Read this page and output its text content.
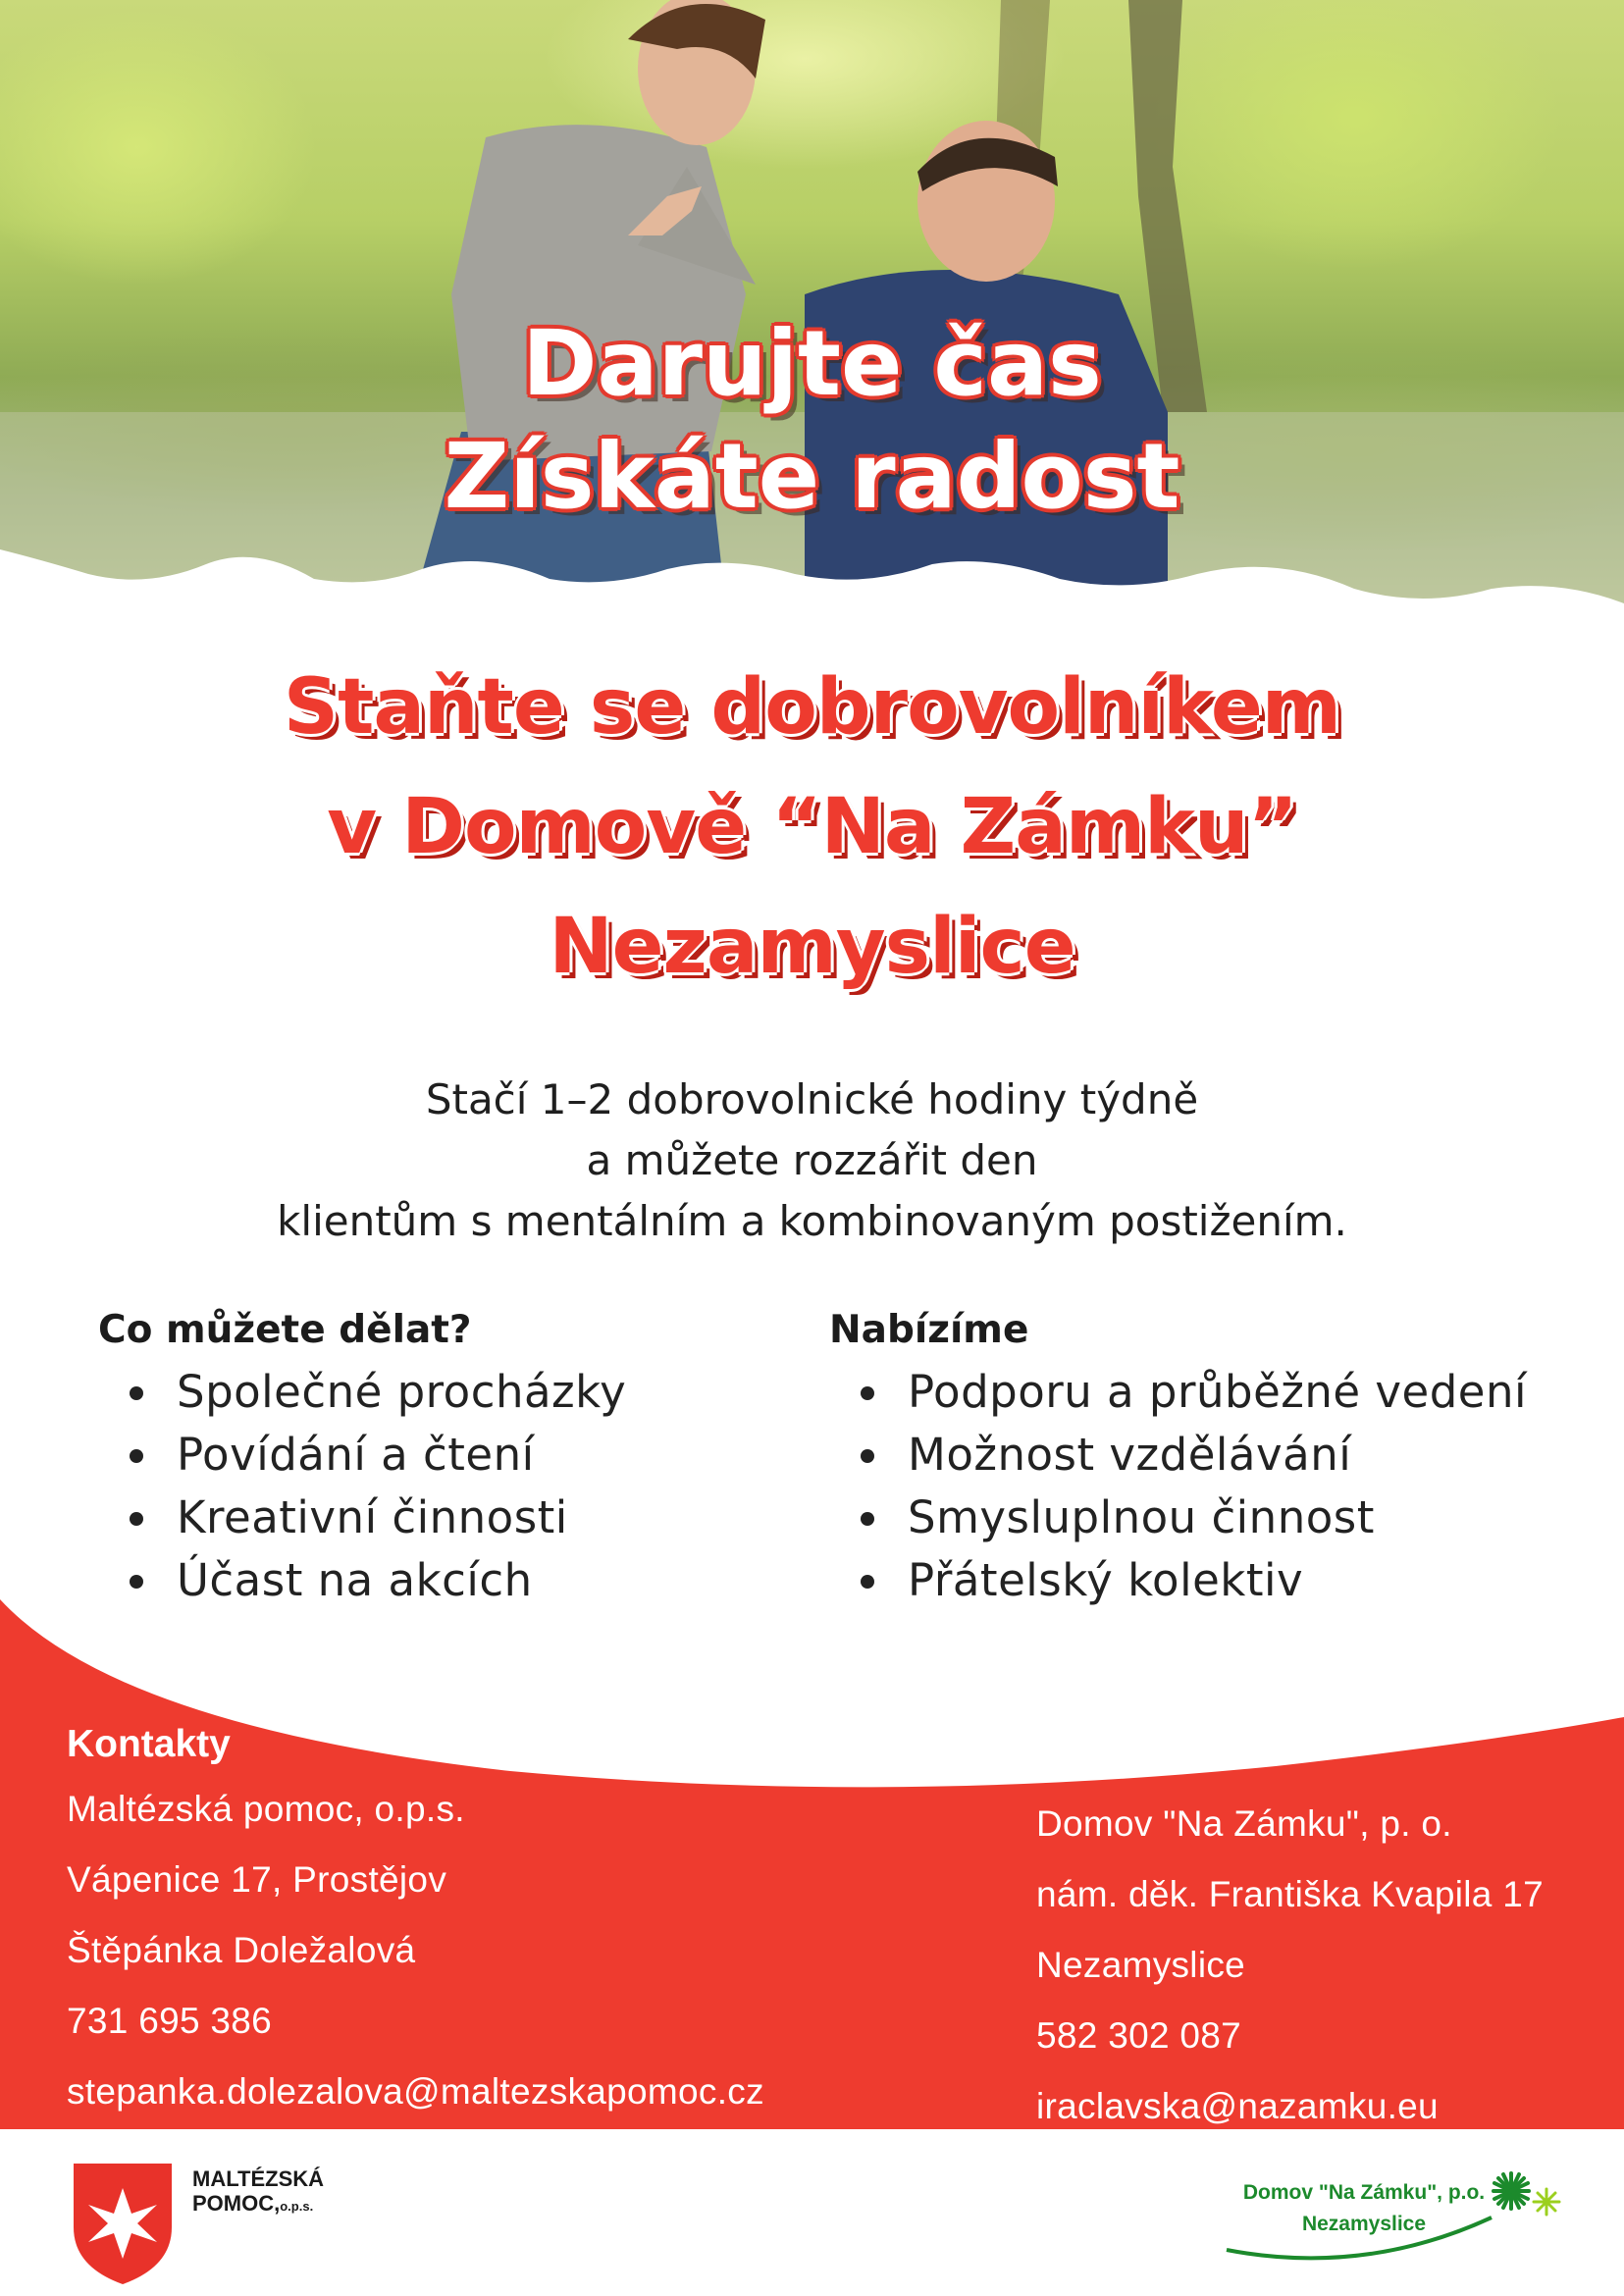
Darujte čas
Získáte radost
Staňte se dobrovolníkem
v Domově “Na Zámku”
Nezamyslice
Stačí 1–2 dobrovolnické hodiny týdně
a můžete rozzářit den
klientům s mentálním a kombinovaným postižením.
Co můžete dělat?
Společné procházky
Povídání a čtení
Kreativní činnosti
Účast na akcích
Nabízíme
Podporu a průběžné vedení
Možnost vzdělávání
Smysluplnou činnost
Přátelský kolektiv
Kontakty
Maltézská pomoc, o.p.s.
Vápenice 17, Prostějov
Štěpánka Doležalová
731 695 386
stepanka.dolezalova@maltezskapomoc.cz
Domov "Na Zámku", p. o.
nám. děk. Františka Kvapila 17
Nezamyslice
582 302 087
iraclavska@nazamku.eu
MALTÉZSKÁ
POMOC,o.p.s.
Domov "Na Zámku", p.o.
Nezamyslice
